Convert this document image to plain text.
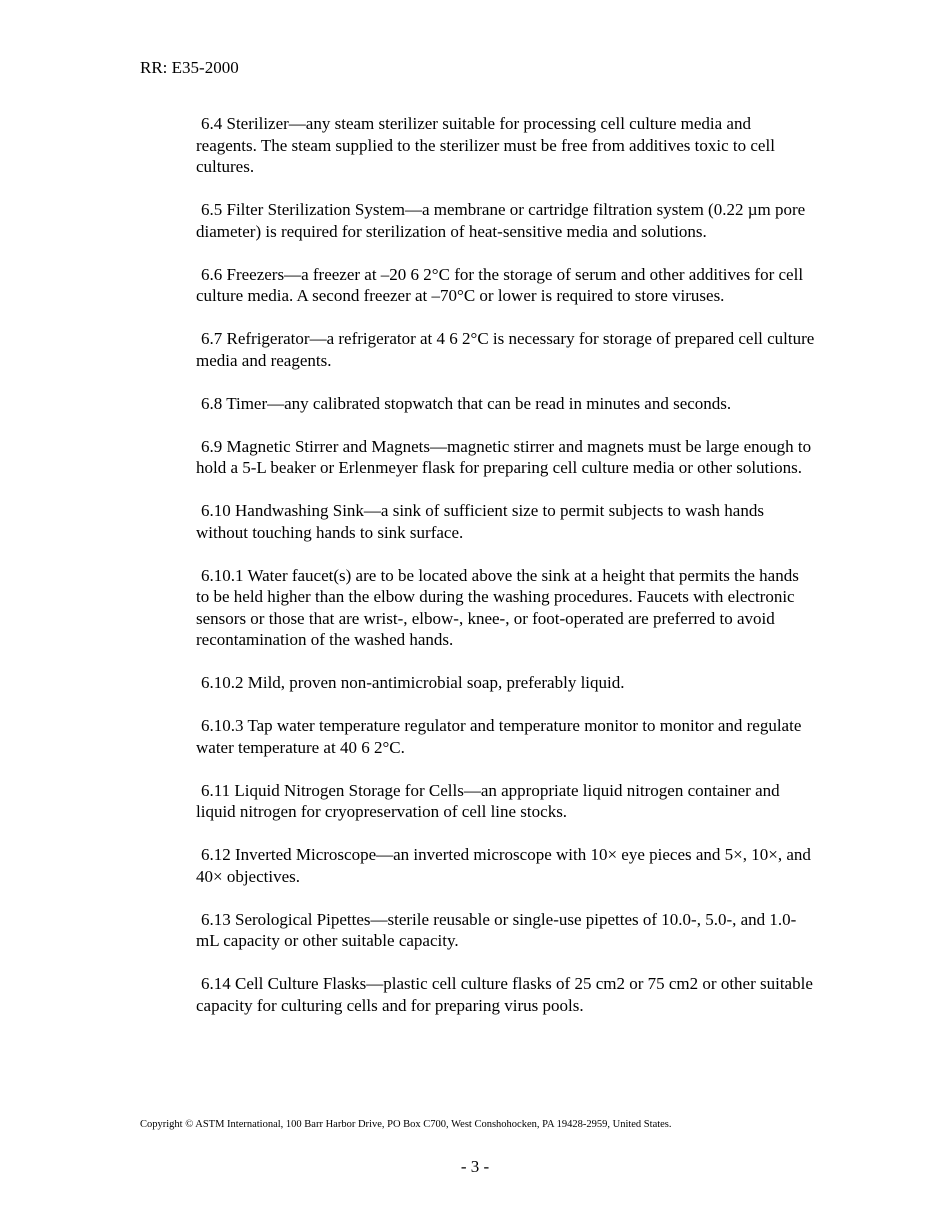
RR: E35-2000

6.4 Sterilizer—any steam sterilizer suitable for processing cell culture media and reagents. The steam supplied to the sterilizer must be free from additives toxic to cell cultures.

6.5 Filter Sterilization System—a membrane or cartridge filtration system (0.22 µm pore diameter) is required for sterilization of heat-sensitive media and solutions.

6.6 Freezers—a freezer at –20 6 2°C for the storage of serum and other additives for cell culture media. A second freezer at –70°C or lower is required to store viruses.

6.7 Refrigerator—a refrigerator at 4 6 2°C is necessary for storage of prepared cell culture media and reagents.

6.8 Timer—any calibrated stopwatch that can be read in minutes and seconds.

6.9 Magnetic Stirrer and Magnets—magnetic stirrer and magnets must be large enough to hold a 5-L beaker or Erlenmeyer flask for preparing cell culture media or other solutions.

6.10 Handwashing Sink—a sink of sufficient size to permit subjects to wash hands without touching hands to sink surface.

6.10.1 Water faucet(s) are to be located above the sink at a height that permits the hands to be held higher than the elbow during the washing procedures. Faucets with electronic sensors or those that are wrist-, elbow-, knee-, or foot-operated are preferred to avoid recontamination of the washed hands.

6.10.2 Mild, proven non-antimicrobial soap, preferably liquid.

6.10.3 Tap water temperature regulator and temperature monitor to monitor and regulate water temperature at 40 6 2°C.

6.11 Liquid Nitrogen Storage for Cells—an appropriate liquid nitrogen container and liquid nitrogen for cryopreservation of cell line stocks.

6.12 Inverted Microscope—an inverted microscope with 10× eye pieces and 5×, 10×, and 40× objectives.

6.13 Serological Pipettes—sterile reusable or single-use pipettes of 10.0-, 5.0-, and 1.0-mL capacity or other suitable capacity.

6.14 Cell Culture Flasks—plastic cell culture flasks of 25 cm2 or 75 cm2 or other suitable capacity for culturing cells and for preparing virus pools.

Copyright © ASTM International, 100 Barr Harbor Drive, PO Box C700, West Conshohocken, PA 19428-2959, United States.
- 3 -
